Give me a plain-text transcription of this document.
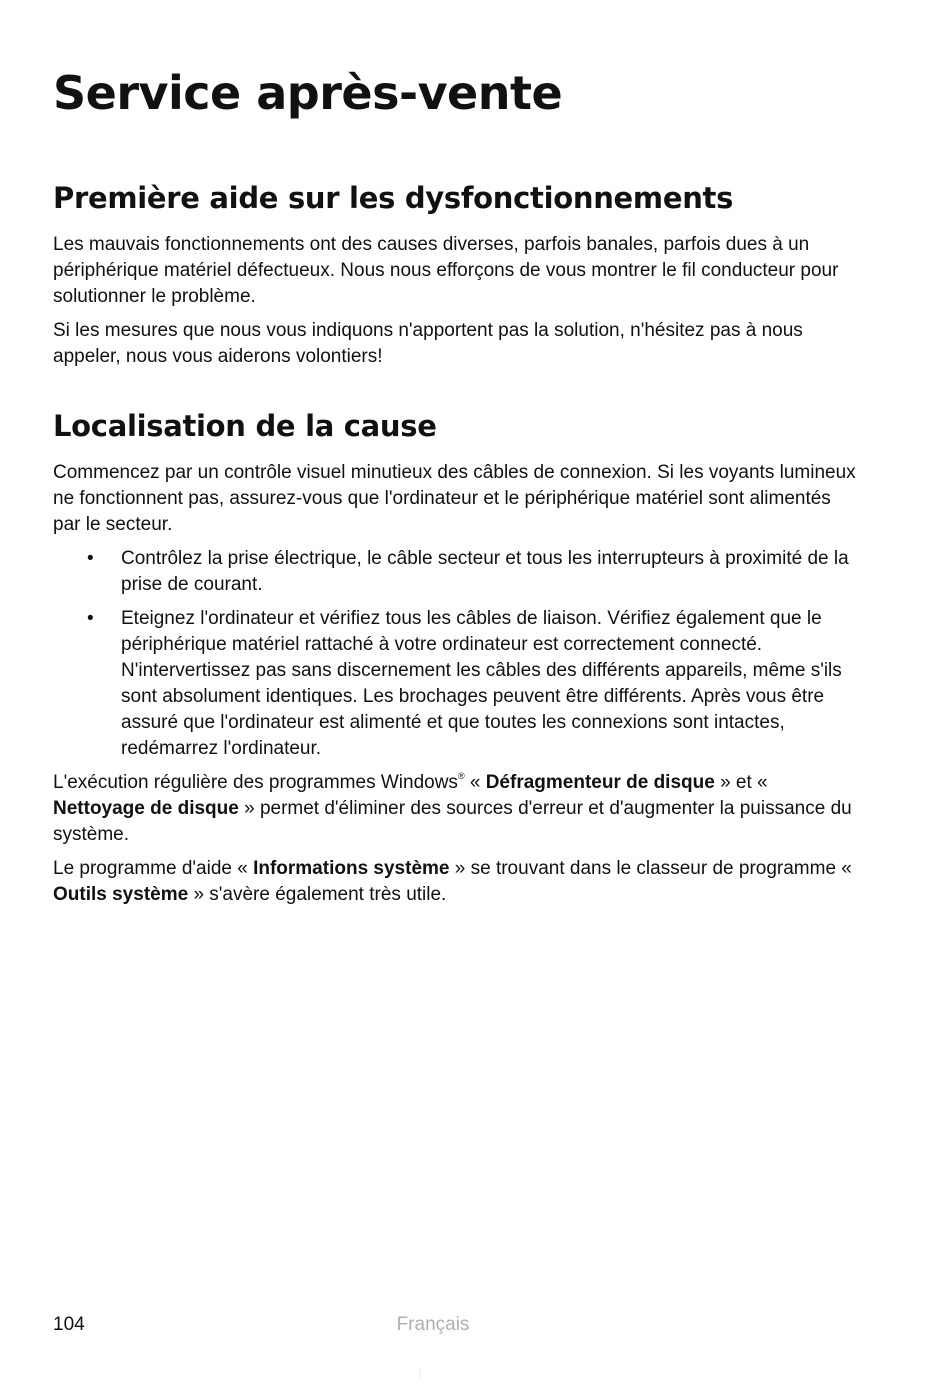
Service après-vente
Première aide sur les dysfonctionnements

Les mauvais fonctionnements ont des causes diverses, parfois banales, parfois dues à un périphérique matériel défectueux. Nous nous efforçons de vous montrer le fil conducteur pour solutionner le problème.

Si les mesures que nous vous indiquons n'apportent pas la solution, n'hésitez pas à nous appeler, nous vous aiderons volontiers!

Localisation de la cause

Commencez par un contrôle visuel minutieux des câbles de connexion. Si les voyants lumineux ne fonctionnent pas, assurez-vous que l'ordinateur et le périphérique matériel sont alimentés par le secteur.

• Contrôlez la prise électrique, le câble secteur et tous les interrupteurs à proximité de la prise de courant.
• Eteignez l'ordinateur et vérifiez tous les câbles de liaison. Vérifiez également que le périphérique matériel rattaché à votre ordinateur est correctement connecté. N'intervertissez pas sans discernement les câbles des différents appareils, même s'ils sont absolument identiques. Les brochages peuvent être différents. Après vous être assuré que l'ordinateur est alimenté et que toutes les connexions sont intactes, redémarrez l'ordinateur.

L'exécution régulière des programmes Windows® « Défragmenteur de disque » et « Nettoyage de disque » permet d'éliminer des sources d'erreur et d'augmenter la puissance du système.

Le programme d'aide « Informations système » se trouvant dans le classeur de programme « Outils système » s'avère également très utile.

104	Français
⋮
